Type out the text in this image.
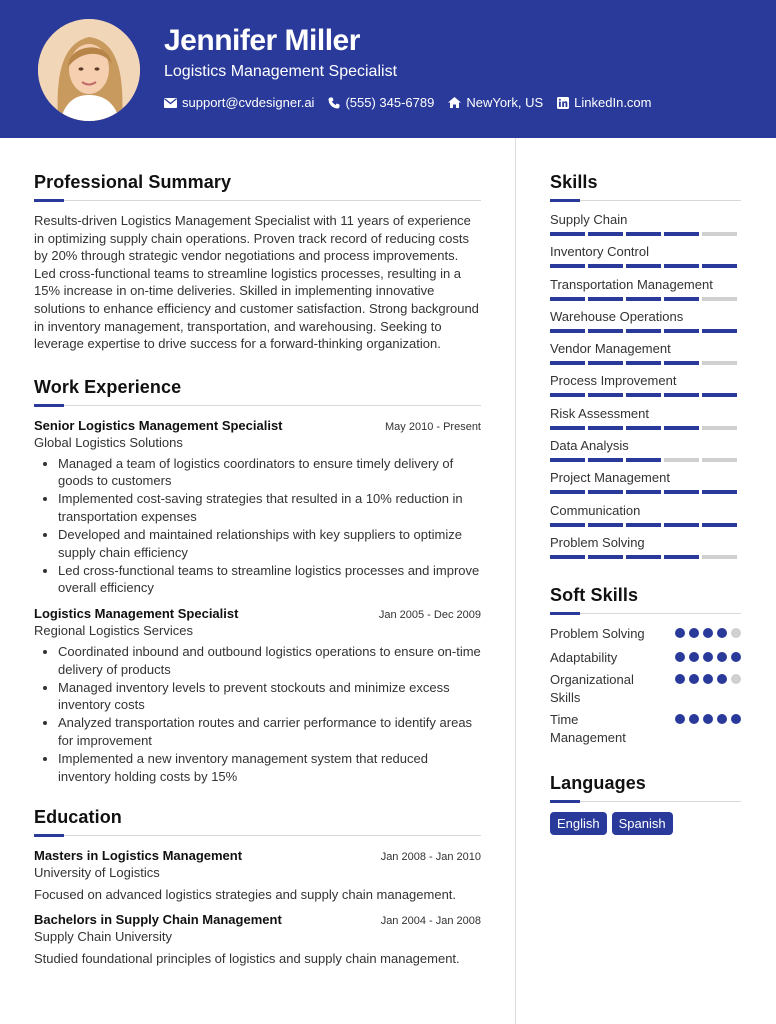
Jennifer Miller
Logistics Management Specialist
support@cvdesigner.ai (555) 345-6789 NewYork, US LinkedIn.com
Professional Summary

Results-driven Logistics Management Specialist with 11 years of experience in optimizing supply chain operations. Proven track record of reducing costs by 20% through strategic vendor negotiations and process improvements. Led cross-functional teams to streamline logistics processes, resulting in a 15% increase in on-time deliveries. Skilled in implementing innovative solutions to enhance efficiency and customer satisfaction. Strong background in inventory management, transportation, and warehousing. Seeking to leverage expertise to drive success for a forward-thinking organization.

Work Experience
Senior Logistics Management Specialist	May 2010 - Present
Global Logistics Solutions
• Managed a team of logistics coordinators to ensure timely delivery of goods to customers
• Implemented cost-saving strategies that resulted in a 10% reduction in transportation expenses
• Developed and maintained relationships with key suppliers to optimize supply chain efficiency
• Led cross-functional teams to streamline logistics processes and improve overall efficiency
Logistics Management Specialist	Jan 2005 - Dec 2009
Regional Logistics Services
• Coordinated inbound and outbound logistics operations to ensure on-time delivery of products
• Managed inventory levels to prevent stockouts and minimize excess inventory costs
• Analyzed transportation routes and carrier performance to identify areas for improvement
• Implemented a new inventory management system that reduced inventory holding costs by 15%
Education
Masters in Logistics Management	Jan 2008 - Jan 2010
University of Logistics
Focused on advanced logistics strategies and supply chain management.
Bachelors in Supply Chain Management	Jan 2004 - Jan 2008
Supply Chain University
Studied foundational principles of logistics and supply chain management.
Skills
Supply Chain
Inventory Control
Transportation Management
Warehouse Operations
Vendor Management
Process Improvement
Risk Assessment
Data Analysis
Project Management
Communication
Problem Solving
Soft Skills
Problem Solving
Adaptability
Organizational Skills
Time Management
Languages
English	Spanish
